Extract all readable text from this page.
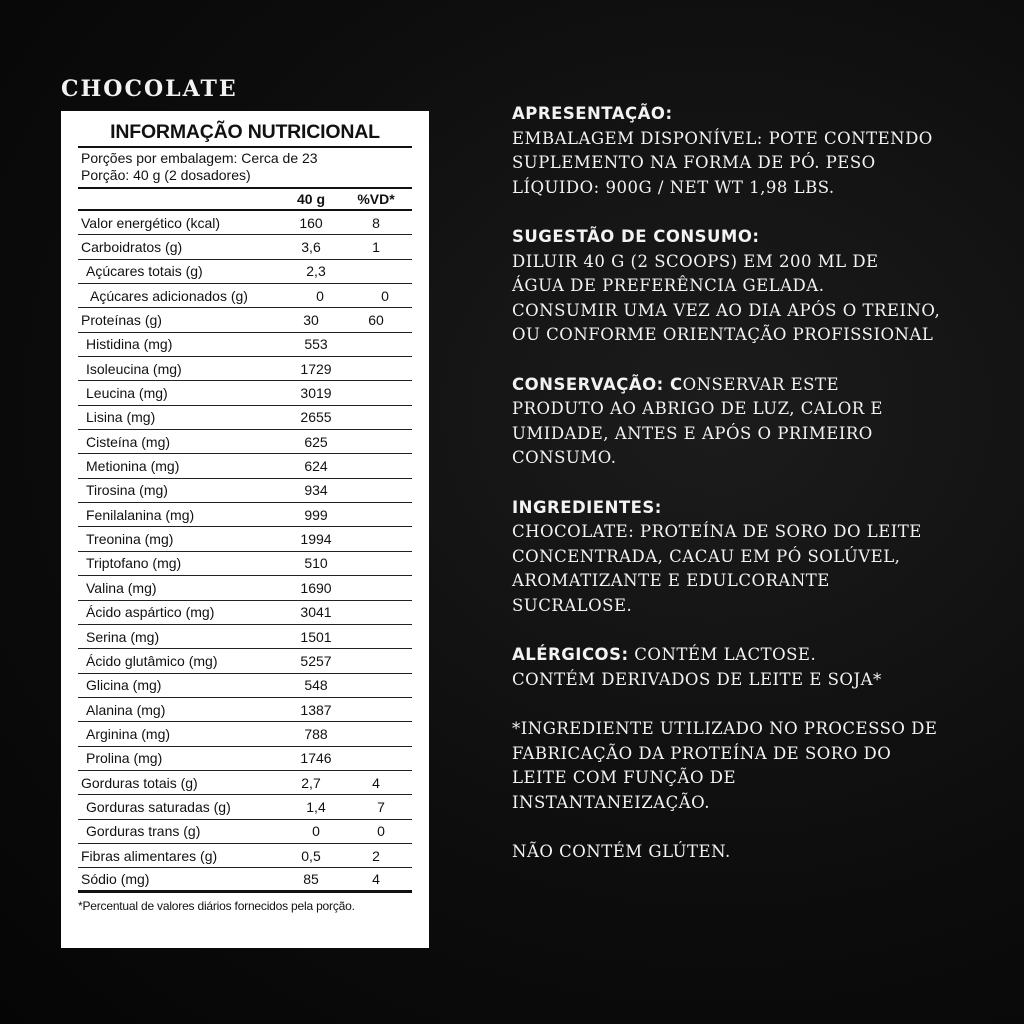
CHOCOLATE
INFORMAÇÃO NUTRICIONAL
Porções por embalagem: Cerca de 23
Porção: 40 g (2 dosadores)
40 g	%VD*
Valor energético (kcal)	160	8
Carboidratos (g)	3,6	1
Açúcares totais (g)	2,3
Açúcares adicionados (g)	0	0
Proteínas (g)	30	60
Histidina (mg)	553
Isoleucina (mg)	1729
Leucina (mg)	3019
Lisina (mg)	2655
Cisteína (mg)	625
Metionina (mg)	624
Tirosina (mg)	934
Fenilalanina (mg)	999
Treonina (mg)	1994
Triptofano (mg)	510
Valina (mg)	1690
Ácido aspártico (mg)	3041
Serina (mg)	1501
Ácido glutâmico (mg)	5257
Glicina (mg)	548
Alanina (mg)	1387
Arginina (mg)	788
Prolina (mg)	1746
Gorduras totais (g)	2,7	4
Gorduras saturadas (g)	1,4	7
Gorduras trans (g)	0	0
Fibras alimentares (g)	0,5	2
Sódio (mg)	85	4
*Percentual de valores diários fornecidos pela porção.
APRESENTAÇÃO:
EMBALAGEM DISPONÍVEL: POTE CONTENDO
SUPLEMENTO NA FORMA DE PÓ. PESO
LÍQUIDO: 900G / NET WT 1,98 LBS.
SUGESTÃO DE CONSUMO:
DILUIR 40 G (2 SCOOPS) EM 200 ML DE
ÁGUA DE PREFERÊNCIA GELADA.
CONSUMIR UMA VEZ AO DIA APÓS O TREINO,
OU CONFORME ORIENTAÇÃO PROFISSIONAL
CONSERVAÇÃO: CONSERVAR ESTE
PRODUTO AO ABRIGO DE LUZ, CALOR E
UMIDADE, ANTES E APÓS O PRIMEIRO
CONSUMO.
INGREDIENTES:
CHOCOLATE: PROTEÍNA DE SORO DO LEITE
CONCENTRADA, CACAU EM PÓ SOLÚVEL,
AROMATIZANTE E EDULCORANTE
SUCRALOSE.
ALÉRGICOS: CONTÉM LACTOSE.
CONTÉM DERIVADOS DE LEITE E SOJA*
*INGREDIENTE UTILIZADO NO PROCESSO DE
FABRICAÇÃO DA PROTEÍNA DE SORO DO
LEITE COM FUNÇÃO DE
INSTANTANEIZAÇÃO.
NÃO CONTÉM GLÚTEN.
